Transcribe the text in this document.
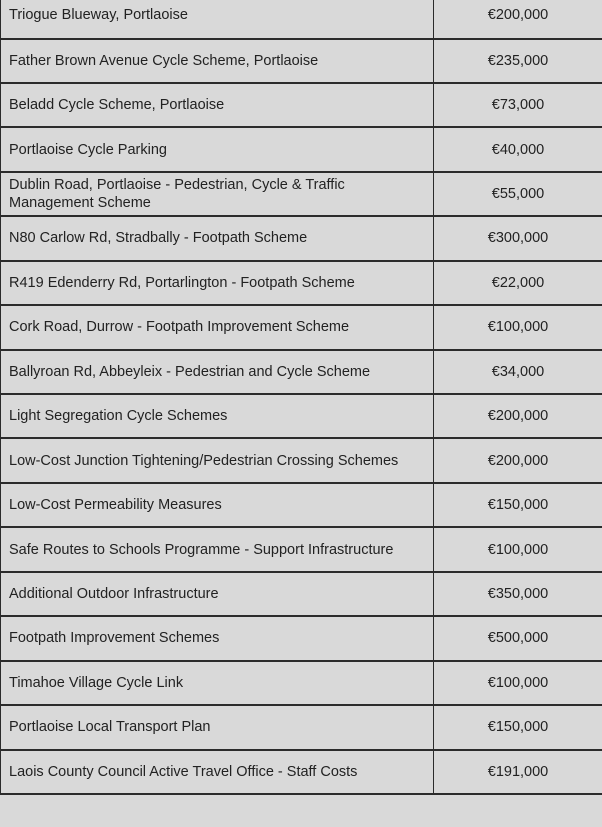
Triogue Blueway, Portlaoise	€200,000
Father Brown Avenue Cycle Scheme, Portlaoise	€235,000
Beladd Cycle Scheme, Portlaoise	€73,000
Portlaoise Cycle Parking	€40,000
Dublin Road, Portlaoise - Pedestrian, Cycle & Traffic Management Scheme	€55,000
N80 Carlow Rd, Stradbally - Footpath Scheme	€300,000
R419 Edenderry Rd, Portarlington - Footpath Scheme	€22,000
Cork Road, Durrow - Footpath Improvement Scheme	€100,000
Ballyroan Rd, Abbeyleix - Pedestrian and Cycle Scheme	€34,000
Light Segregation Cycle Schemes	€200,000
Low-Cost Junction Tightening/Pedestrian Crossing Schemes	€200,000
Low-Cost Permeability Measures	€150,000
Safe Routes to Schools Programme - Support Infrastructure	€100,000
Additional Outdoor Infrastructure	€350,000
Footpath Improvement Schemes	€500,000
Timahoe Village Cycle Link	€100,000
Portlaoise Local Transport Plan	€150,000
Laois County Council Active Travel Office - Staff Costs	€191,000
